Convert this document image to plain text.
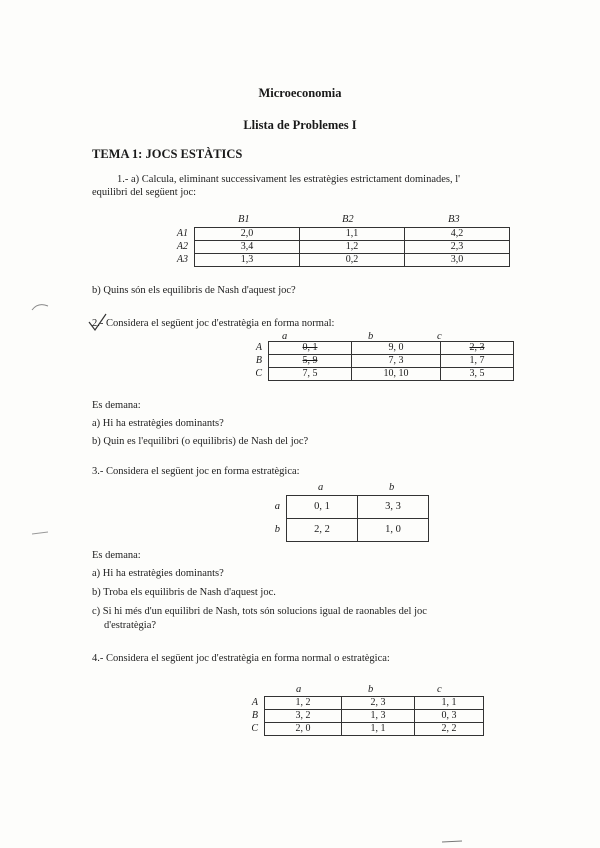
Microeconomia
Llista de Problemes I
TEMA 1: JOCS ESTÀTICS
1.- a) Calcula, eliminant successivament les estratègies estrictament dominades, l'
equilibri del següent joc:
B1	B2	B3
A1	2,0	1,1	4,2
A2	3,4	1,2	2,3
A3	1,3	0,2	3,0
b) Quins són els equilibris de Nash d'aquest joc?
2.- Considera el següent joc d'estratègia en forma normal:
a	b	c
A	0, 1	9, 0	2, 3
B	5, 9	7, 3	1, 7
C	7, 5	10, 10	3, 5
Es demana:
a) Hi ha estratègies dominants?
b) Quin es l'equilibri (o equilibris) de Nash del joc?
3.- Considera el següent joc en forma estratègica:
a	b
a	0, 1	3, 3
b	2, 2	1, 0
Es demana:
a) Hi ha estratègies dominants?
b) Troba els equilibris de Nash d'aquest joc.
c) Si hi més d'un equilibri de Nash, tots són solucions igual de raonables del joc
d'estratègia?
4.- Considera el següent joc d'estratègia en forma normal o estratègica:
a	b	c
A	1, 2	2, 3	1, 1
B	3, 2	1, 3	0, 3
C	2, 0	1, 1	2, 2
